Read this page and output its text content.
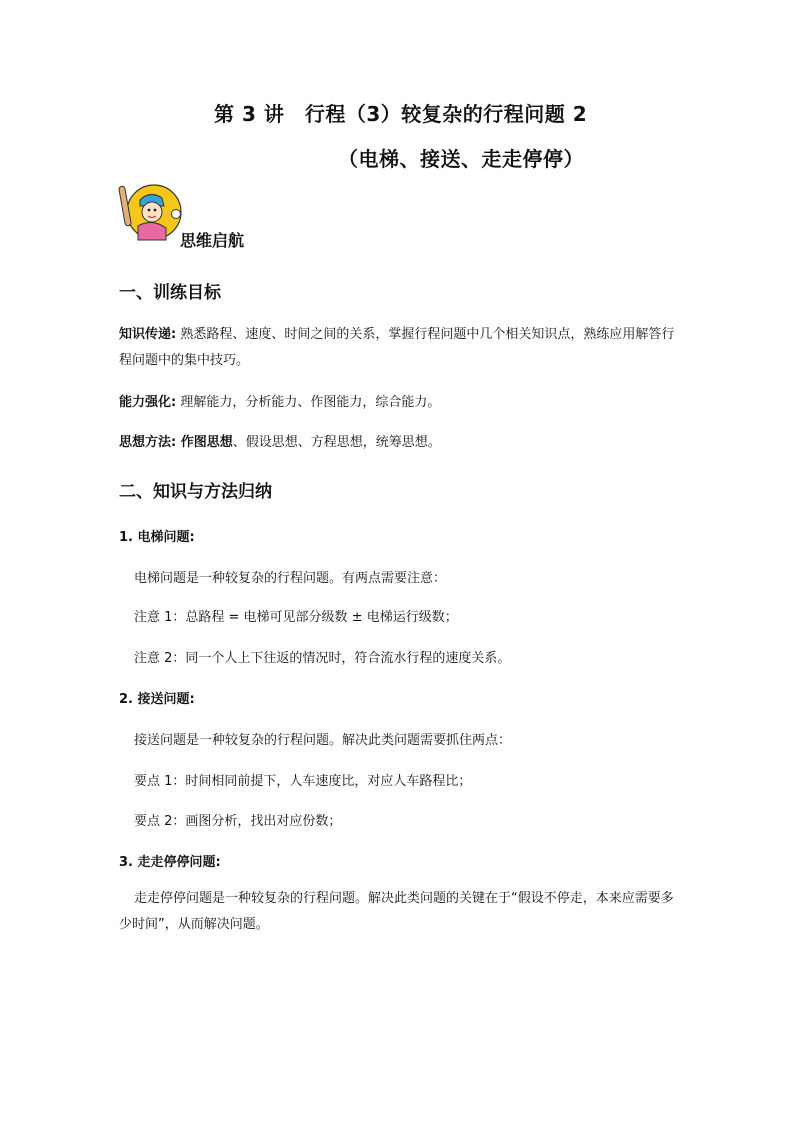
第 3 讲　行程（3）较复杂的行程问题 2
（电梯、接送、走走停停）
思维启航
一、训练目标
知识传递: 熟悉路程、速度、时间之间的关系，掌握行程问题中几个相关知识点，熟练应用解答行程问题中的集中技巧。
能力强化: 理解能力，分析能力、作图能力，综合能力。
思想方法: 作图思想、假设思想、方程思想，统筹思想。
二、知识与方法归纳
1. 电梯问题:
电梯问题是一种较复杂的行程问题。有两点需要注意：
注意 1：总路程 = 电梯可见部分级数 ± 电梯运行级数；
注意 2：同一个人上下往返的情况时，符合流水行程的速度关系。
2. 接送问题:
接送问题是一种较复杂的行程问题。解决此类问题需要抓住两点：
要点 1：时间相同前提下，人车速度比，对应人车路程比；
要点 2：画图分析，找出对应份数；
3. 走走停停问题:
走走停停问题是一种较复杂的行程问题。解决此类问题的关键在于“假设不停走，本来应需要多少时间”，从而解决问题。
